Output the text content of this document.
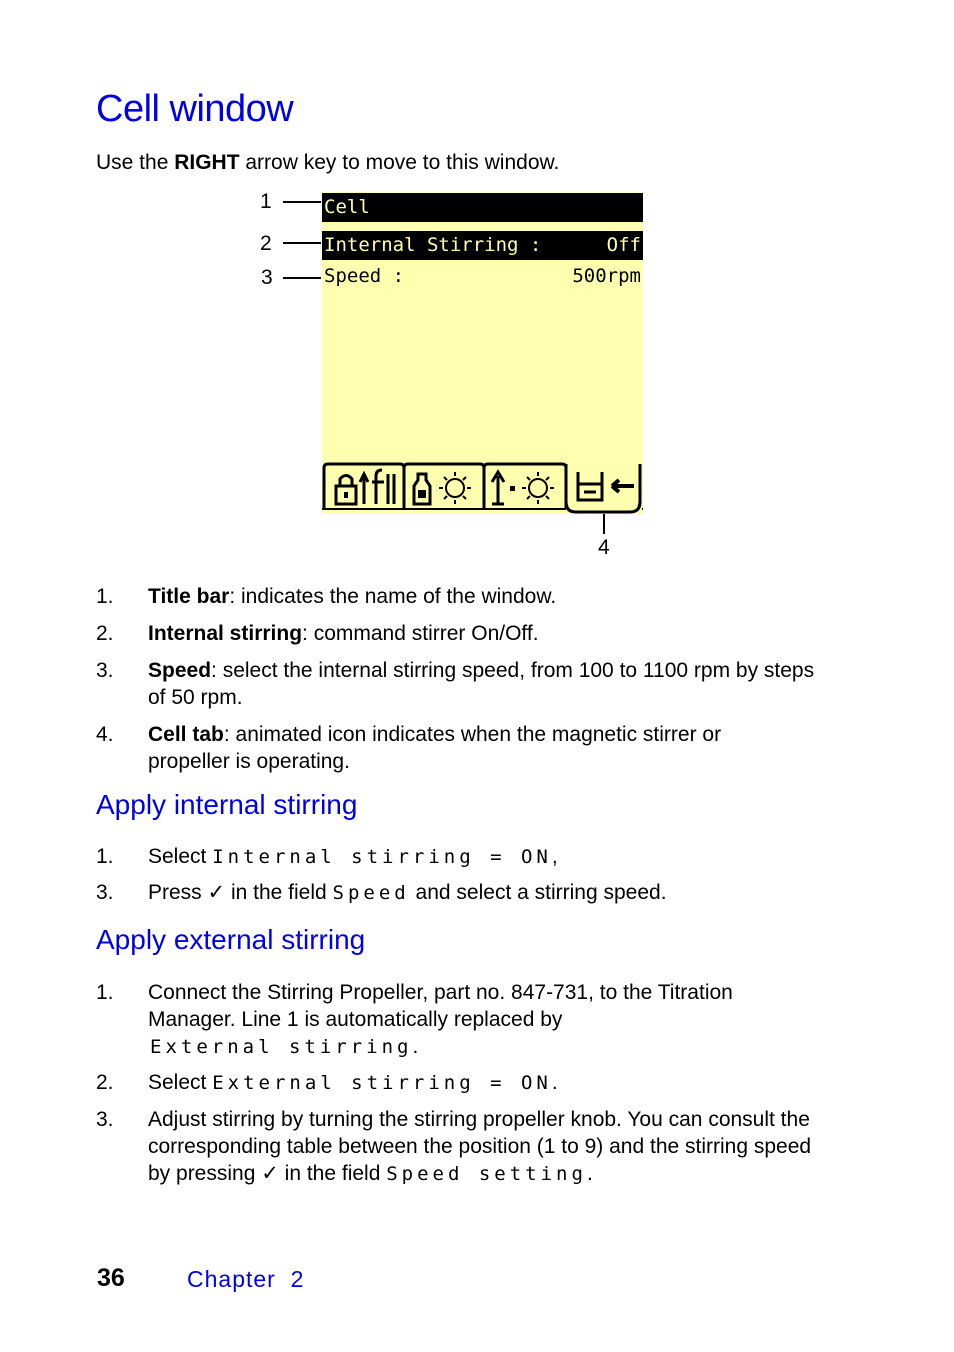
Cell window
Use the RIGHT arrow key to move to this window.
Cell
Internal Stirring :	Off
Speed :	500rpm
1
2
3
4
1. Title bar: indicates the name of the window.
2. Internal stirring: command stirrer On/Off.
3. Speed: select the internal stirring speed, from 100 to 1100 rpm by steps of 50 rpm.
4. Cell tab: animated icon indicates when the magnetic stirrer or propeller is operating.
Apply internal stirring
1. Select Internal stirring = ON,
3. Press ✓ in the field Speed and select a stirring speed.
Apply external stirring
1. Connect the Stirring Propeller, part no. 847-731, to the Titration Manager. Line 1 is automatically replaced by
External stirring.
2. Select External stirring = ON.
3. Adjust stirring by turning the stirring propeller knob. You can consult the corresponding table between the position (1 to 9) and the stirring speed by pressing ✓ in the field Speed setting.
36	Chapter  2
